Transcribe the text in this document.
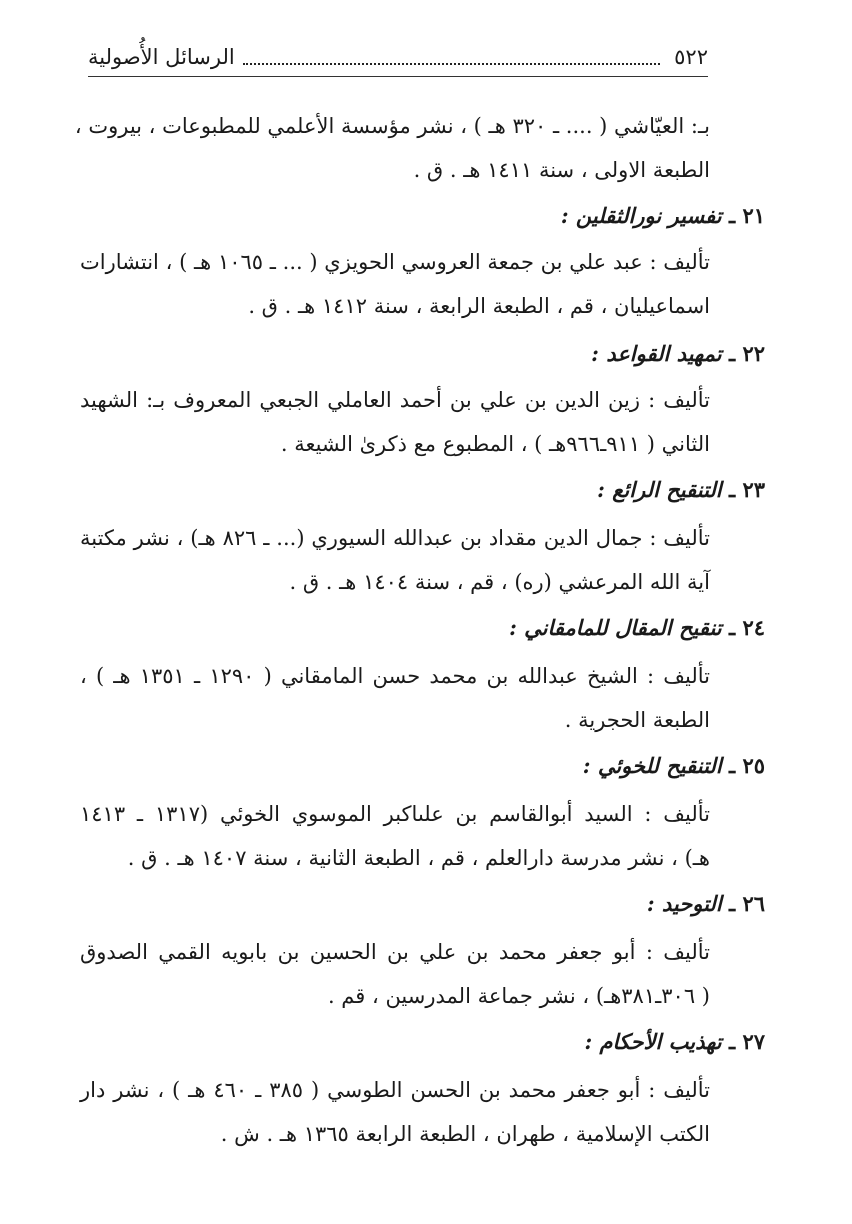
٥٢٢
الرسائل الأُصولية
بـ: العيّاشي ( .... ـ ٣٢٠ هـ ) ، نشر مؤسسة الأعلمي للمطبوعات ، بيروت ،
الطبعة الاولى ، سنة ١٤١١ هـ . ق .
٢١ ـ تفسير نورالثقلين :
تأليف : عبد علي بن جمعة العروسي الحويزي ( ... ـ ١٠٦٥ هـ ) ، انتشارات
اسماعيليان ، قم ، الطبعة الرابعة ، سنة ١٤١٢ هـ . ق .
٢٢ ـ تمهيد القواعد :
تأليف : زين الدين بن علي بن أحمد العاملي الجبعي المعروف بـ: الشهيد
الثاني ( ٩١١ـ٩٦٦هـ ) ، المطبوع مع ذكرىٰ الشيعة .
٢٣ ـ التنقيح الرائع :
تأليف : جمال الدين مقداد بن عبدالله السيوري (... ـ ٨٢٦ هـ) ، نشر مكتبة
آية الله المرعشي (ره) ، قم ، سنة ١٤٠٤ هـ . ق .
٢٤ ـ تنقيح المقال للمامقاني :
تأليف : الشيخ عبدالله بن محمد حسن المامقاني ( ١٢٩٠ ـ ١٣٥١ هـ ) ،
الطبعة الحجرية .
٢٥ ـ التنقيح للخوئي :
تأليف : السيد أبوالقاسم بن علىاكبر الموسوي الخوئي (١٣١٧ ـ ١٤١٣
هـ) ، نشر مدرسة دارالعلم ، قم ، الطبعة الثانية ، سنة ١٤٠٧ هـ . ق .
٢٦ ـ التوحيد :
تأليف : أبو جعفر محمد بن علي بن الحسين بن بابويه القمي الصدوق
( ٣٠٦ـ٣٨١هـ) ، نشر جماعة المدرسين ، قم .
٢٧ ـ تهذيب الأحكام :
تأليف : أبو جعفر محمد بن الحسن الطوسي ( ٣٨٥ ـ ٤٦٠ هـ ) ، نشر دار
الكتب الإسلامية ، طهران ، الطبعة الرابعة ١٣٦٥ هـ . ش .
